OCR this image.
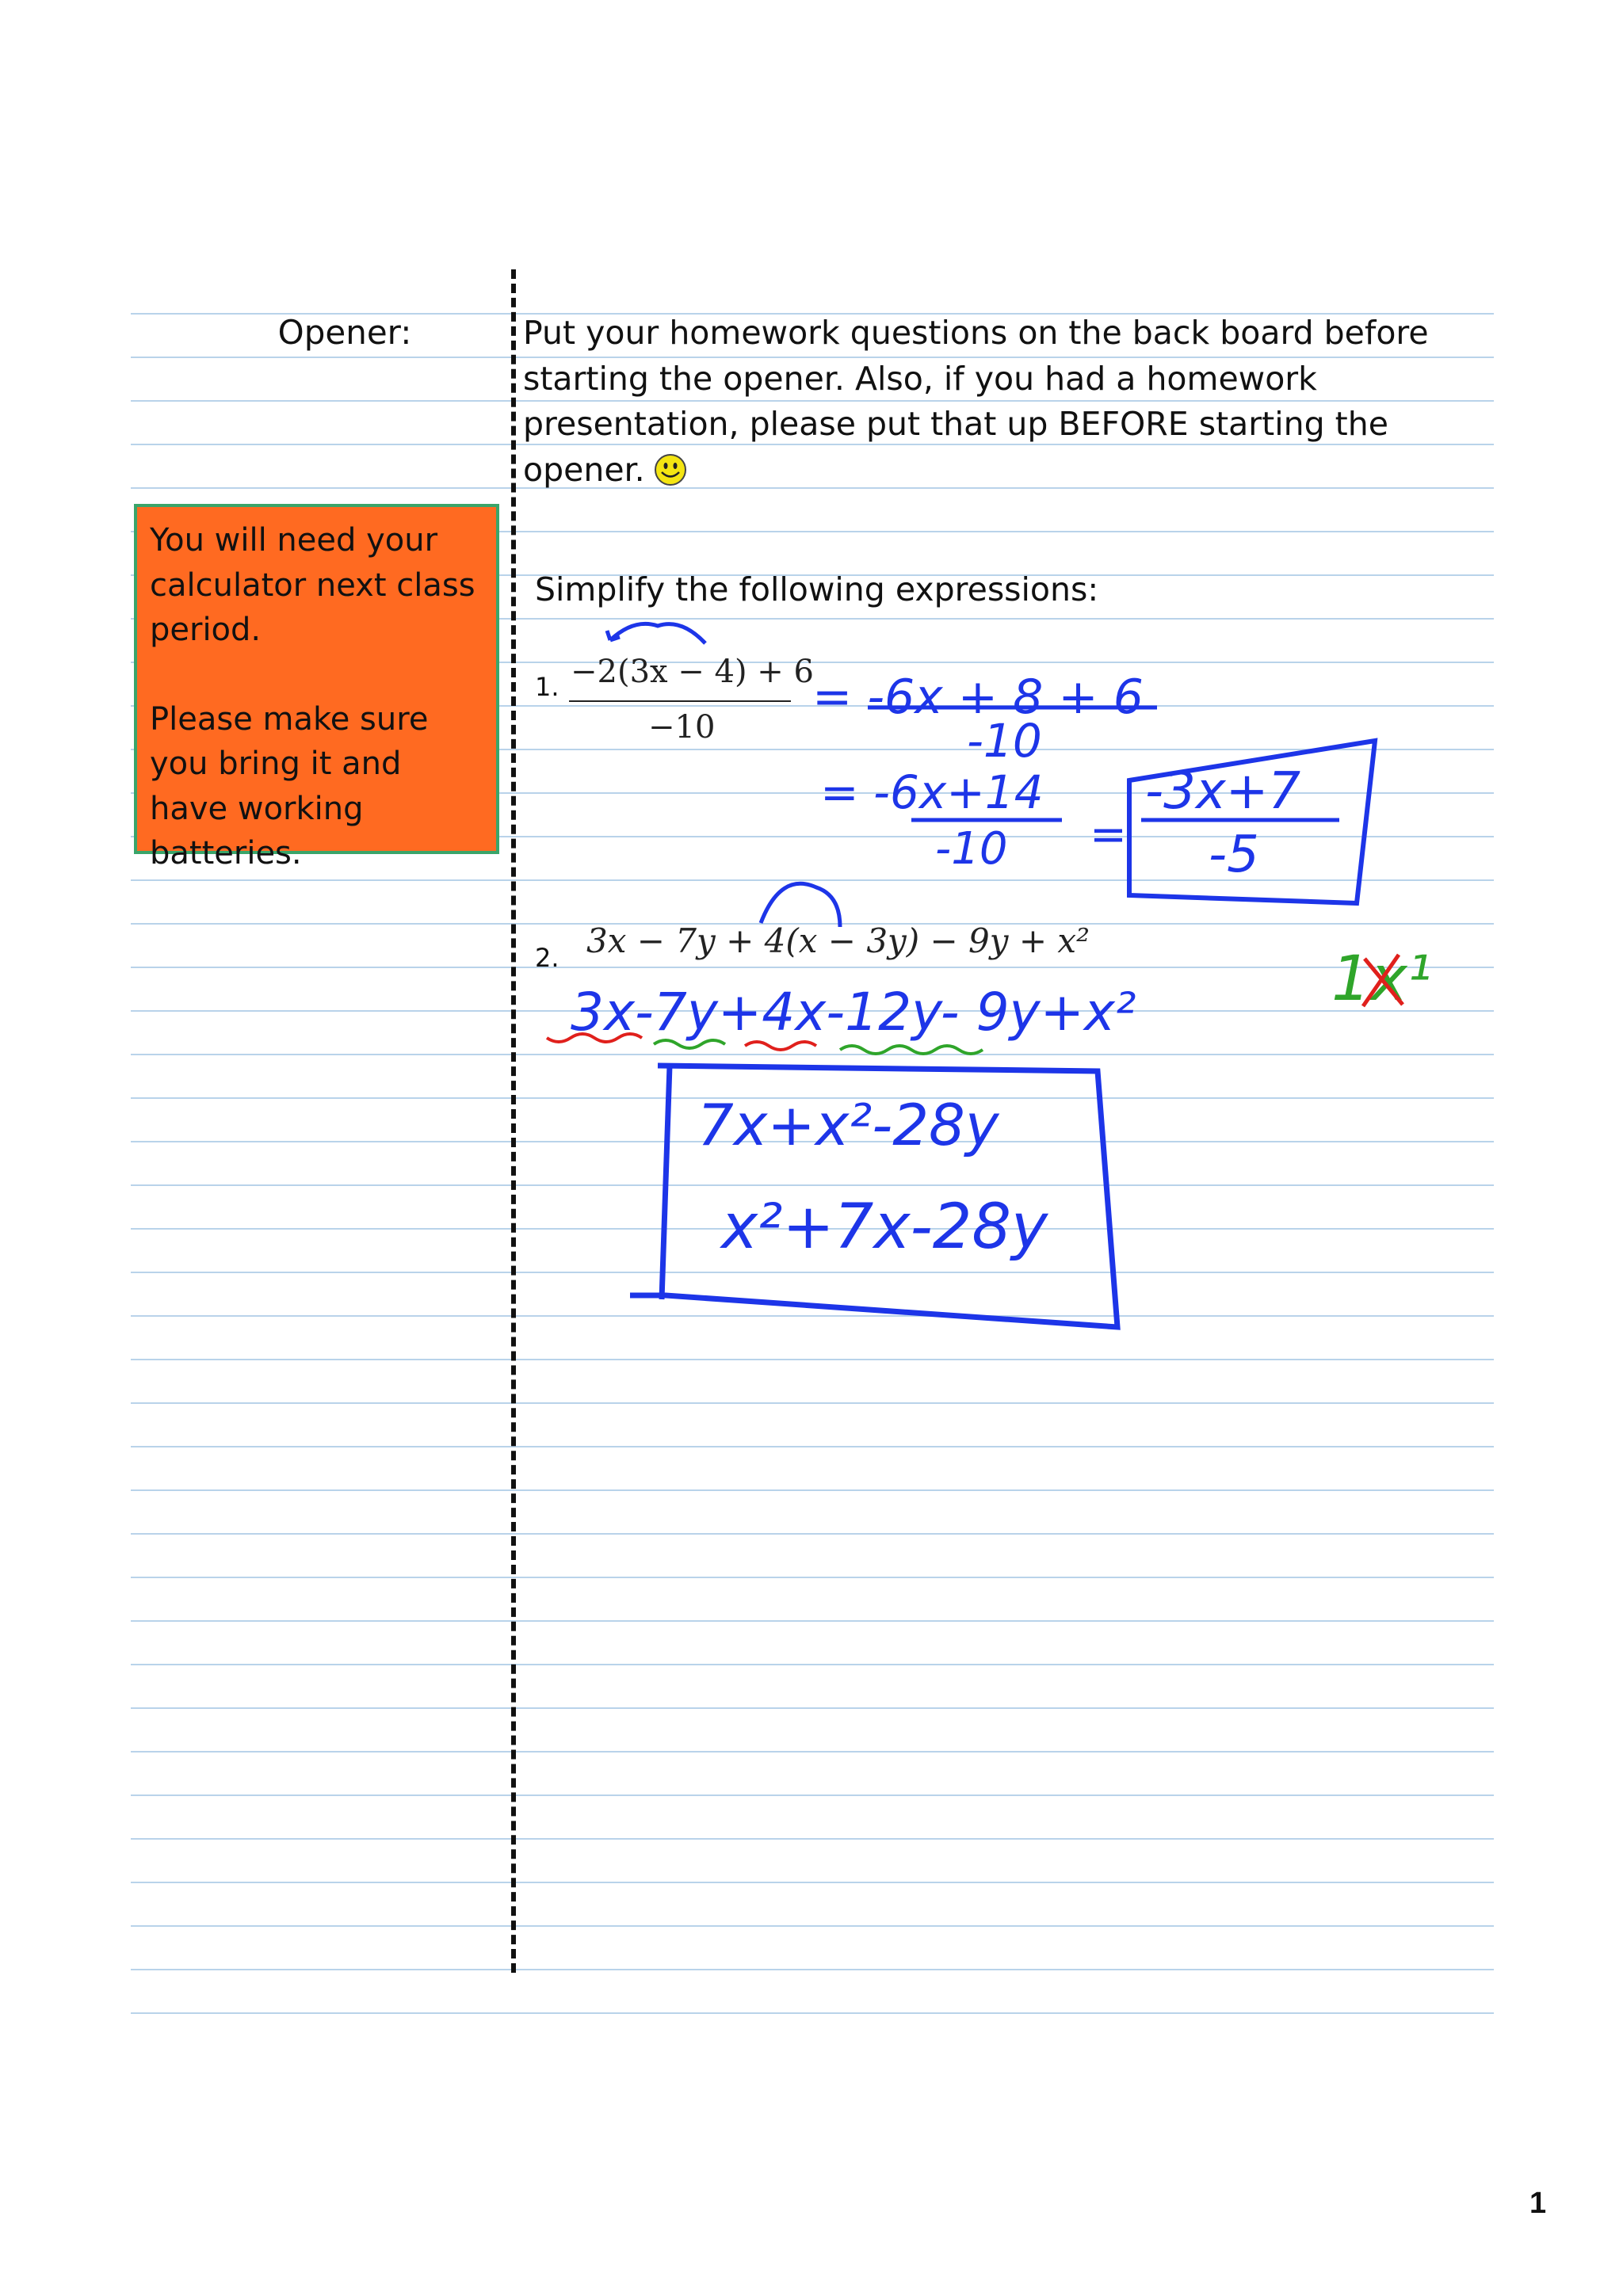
Opener:	Put your homework questions on the back board before starting the opener. Also, if you had a homework presentation, please put that up BEFORE starting the opener.

You will need your calculator next class period.

Please make sure you bring it and have working batteries.

Simplify the following expressions:
1. −2(3x − 4) + 6
−10
2. 3x − 7y + 4(x − 3y) − 9y + x²
= -6x + 8 + 6
-10
= -6x+14
-10 =
-3x+7
-5
3x-7y+4x-12y- 9y+x²
7x+x²-28y
x²+7x-28y
1x¹
1
